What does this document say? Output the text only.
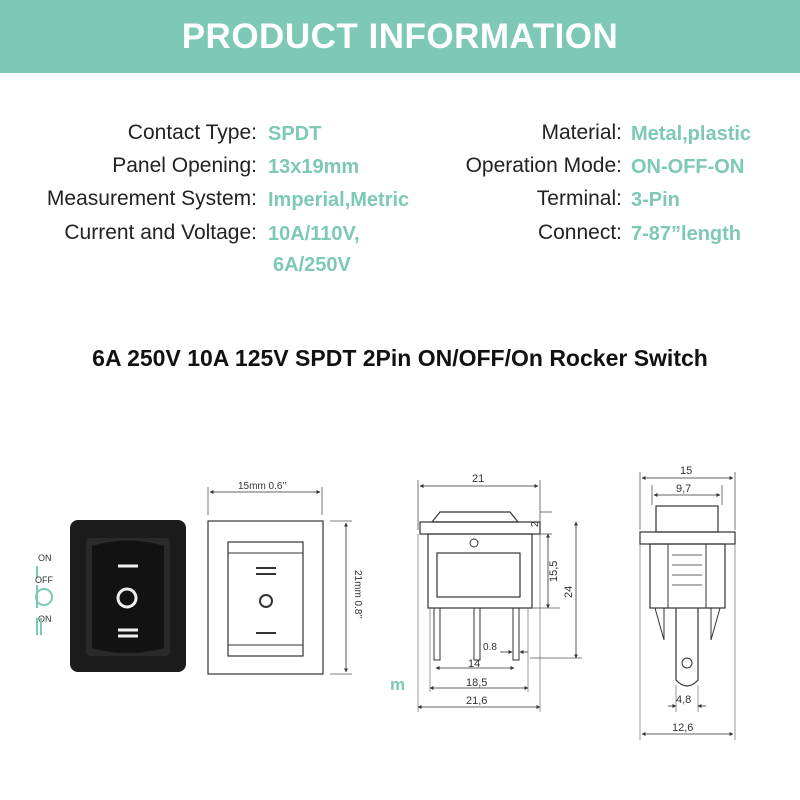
PRODUCT INFORMATION
Contact Type: SPDT
Panel Opening: 13x19mm
Measurement System: Imperial,Metric
Current and Voltage: 10A/110V,
6A/250V
Material: Metal,plastic
Operation Mode: ON-OFF-ON
Terminal: 3-Pin
Connect: 7-87”length
6A 250V 10A 125V SPDT 2Pin ON/OFF/On Rocker Switch
ON
OFF
ON
15mm 0.6’’
21mm 0.8’’
m
21
2
15,5
24
0.8
14
18,5
21,6
15
9,7
4,8
12,6
